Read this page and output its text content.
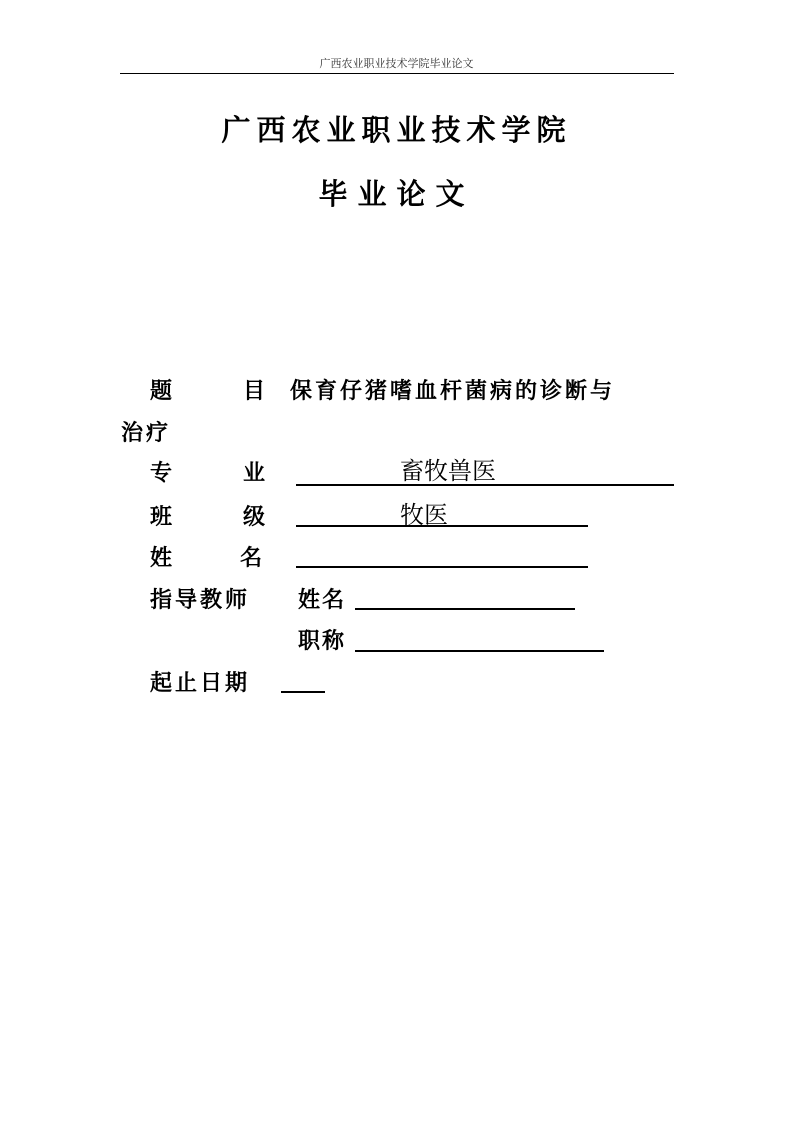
广西农业职业技术学院毕业论文
广西农业职业技术学院
毕业论文
题	目 保育仔猪嗜血杆菌病的诊断与
治疗
专	业	畜牧兽医
班	级	牧医
姓	名
指导教师 姓名
职称
起止日期
